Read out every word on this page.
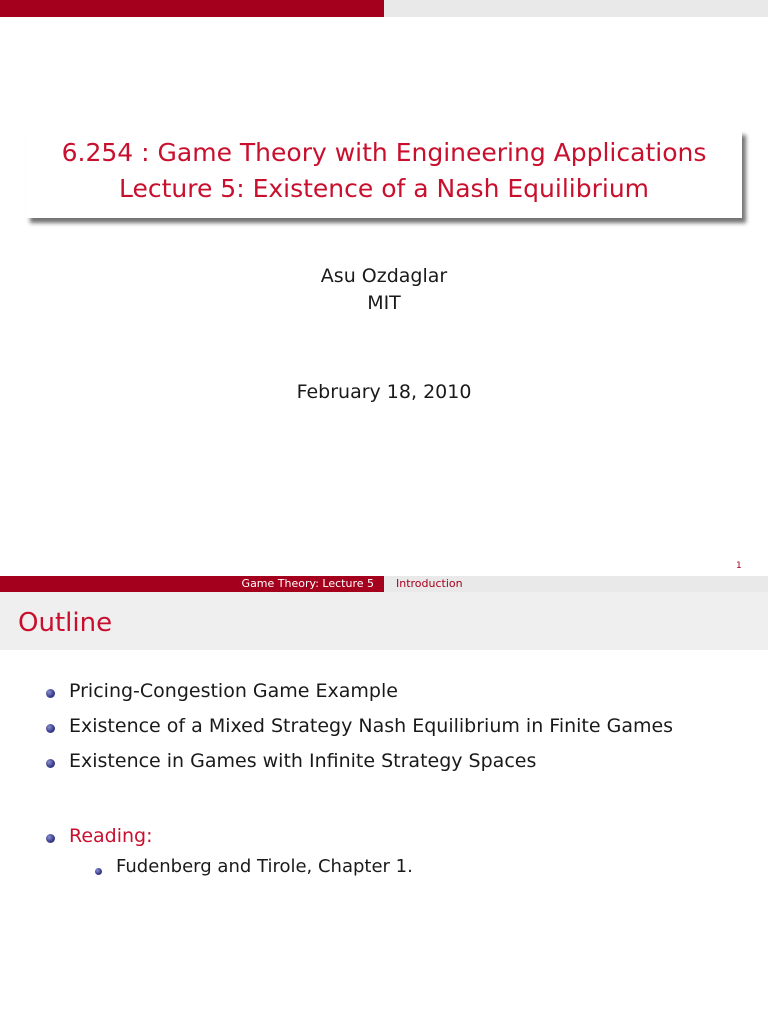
6.254 : Game Theory with Engineering Applications
Lecture 5: Existence of a Nash Equilibrium
Asu Ozdaglar
MIT
February 18, 2010
1
Game Theory: Lecture 5 Introduction
Outline
Pricing-Congestion Game Example
Existence of a Mixed Strategy Nash Equilibrium in Finite Games
Existence in Games with Infinite Strategy Spaces
Reading:
Fudenberg and Tirole, Chapter 1.
